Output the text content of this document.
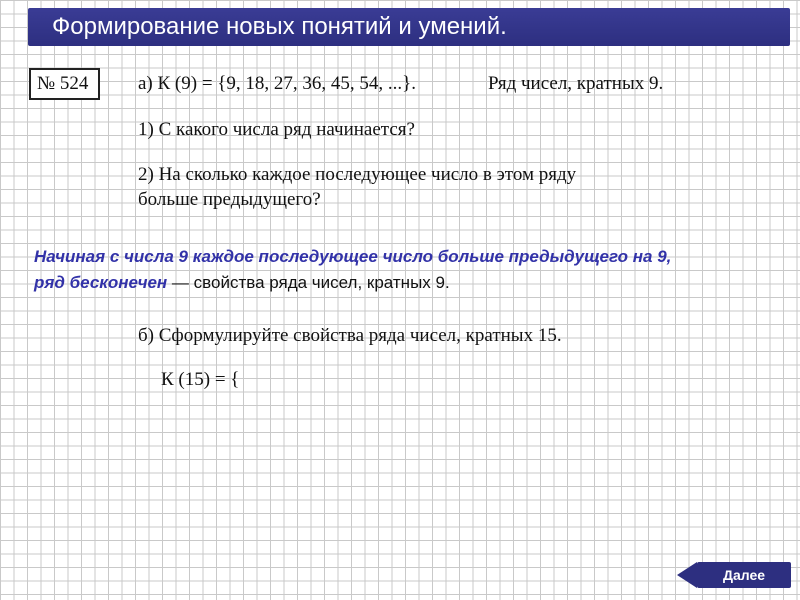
Формирование новых понятий и умений.
№ 524	а) К (9) = {9, 18, 27, 36, 45, 54, ...}.	Ряд чисел, кратных 9.
1) С какого числа ряд начинается?
2) На сколько каждое последующее число в этом ряду
больше предыдущего?
Начиная с числа 9 каждое последующее число больше предыдущего на 9,
ряд бесконечен — свойства ряда чисел, кратных 9.
б) Сформулируйте свойства ряда чисел, кратных 15.
К (15) = {
Далее
